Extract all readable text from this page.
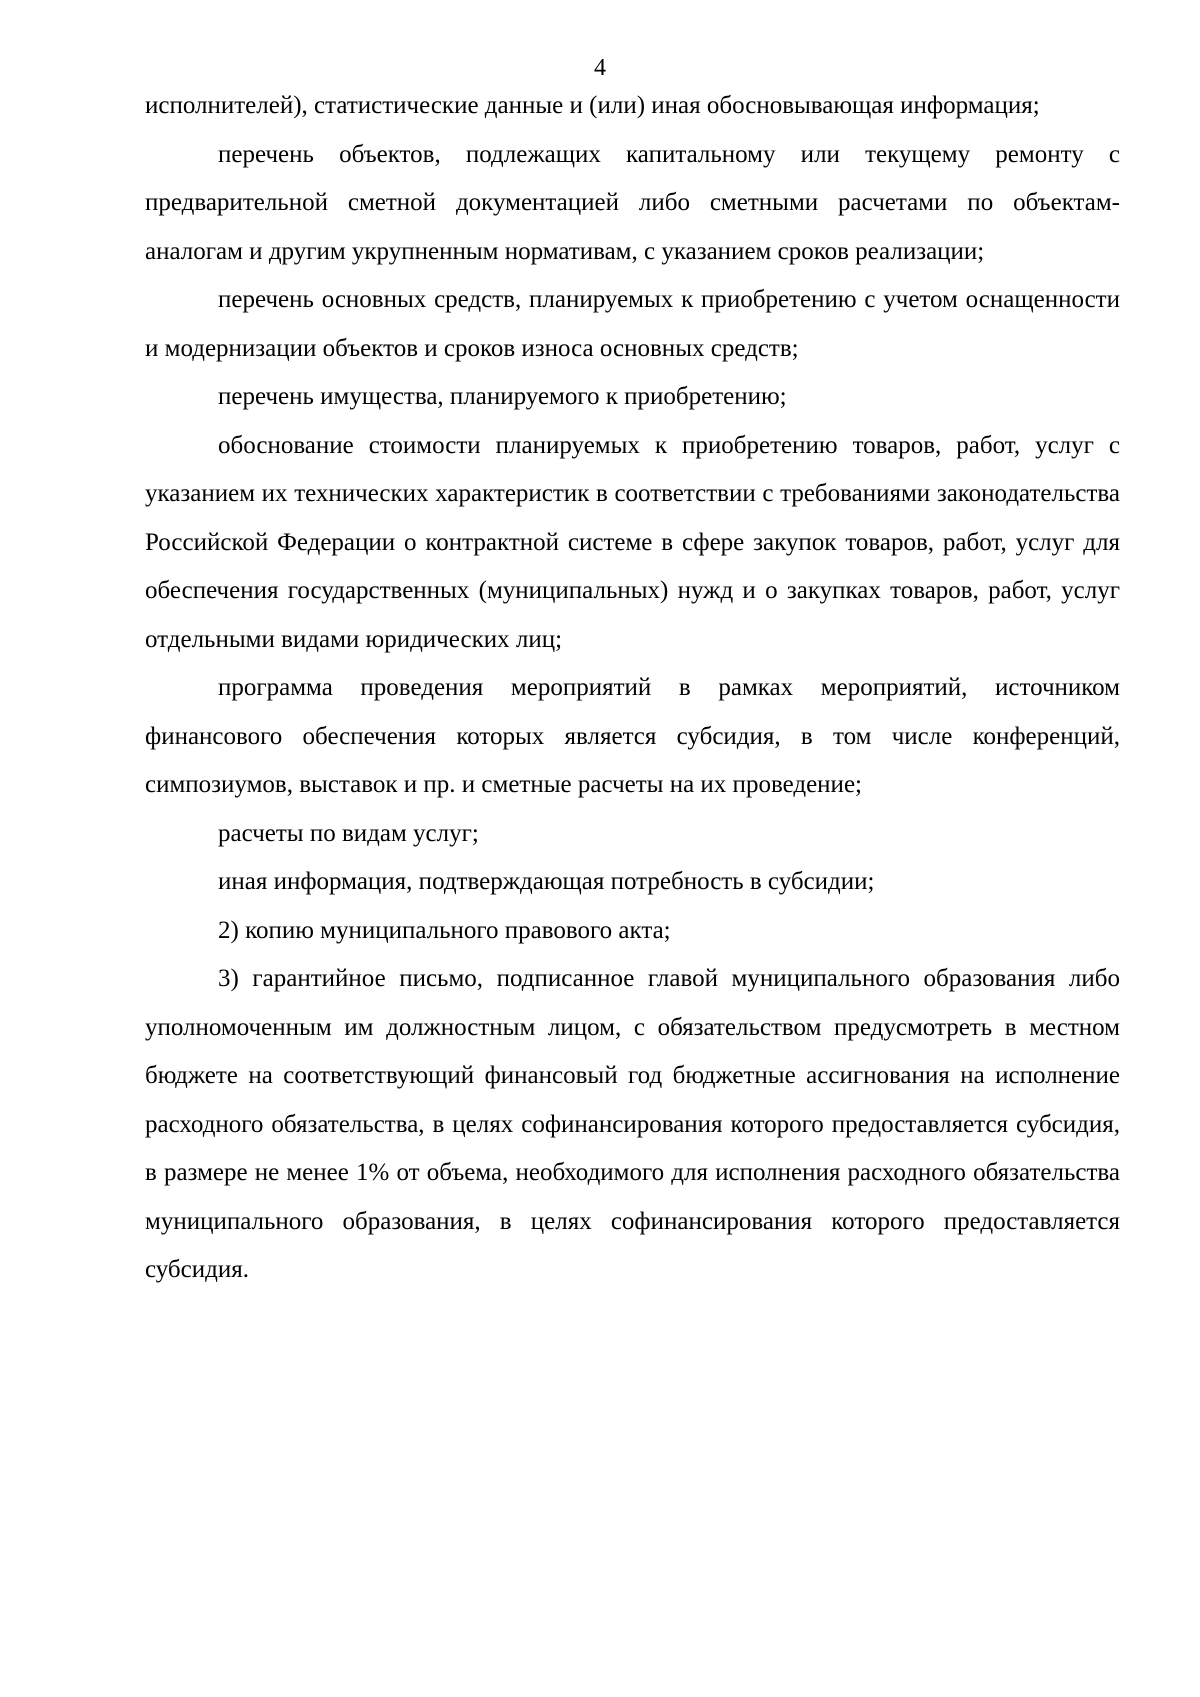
4

исполнителей), статистические данные и (или) иная обосновывающая информация;

перечень объектов, подлежащих капитальному или текущему ремонту с предварительной сметной документацией либо сметными расчетами по объектам-аналогам и другим укрупненным нормативам, с указанием сроков реализации;

перечень основных средств, планируемых к приобретению с учетом оснащенности и модернизации объектов и сроков износа основных средств;

перечень имущества, планируемого к приобретению;

обоснование стоимости планируемых к приобретению товаров, работ, услуг с указанием их технических характеристик в соответствии с требованиями законодательства Российской Федерации о контрактной системе в сфере закупок товаров, работ, услуг для обеспечения государственных (муниципальных) нужд и о закупках товаров, работ, услуг отдельными видами юридических лиц;

программа проведения мероприятий в рамках мероприятий, источником финансового обеспечения которых является субсидия, в том числе конференций, симпозиумов, выставок и пр. и сметные расчеты на их проведение;

расчеты по видам услуг;

иная информация, подтверждающая потребность в субсидии;

2) копию муниципального правового акта;

3) гарантийное письмо, подписанное главой муниципального образования либо уполномоченным им должностным лицом, с обязательством предусмотреть в местном бюджете на соответствующий финансовый год бюджетные ассигнования на исполнение расходного обязательства, в целях софинансирования которого предоставляется субсидия, в размере не менее 1% от объема, необходимого для исполнения расходного обязательства муниципального образования, в целях софинансирования которого предоставляется субсидия.
